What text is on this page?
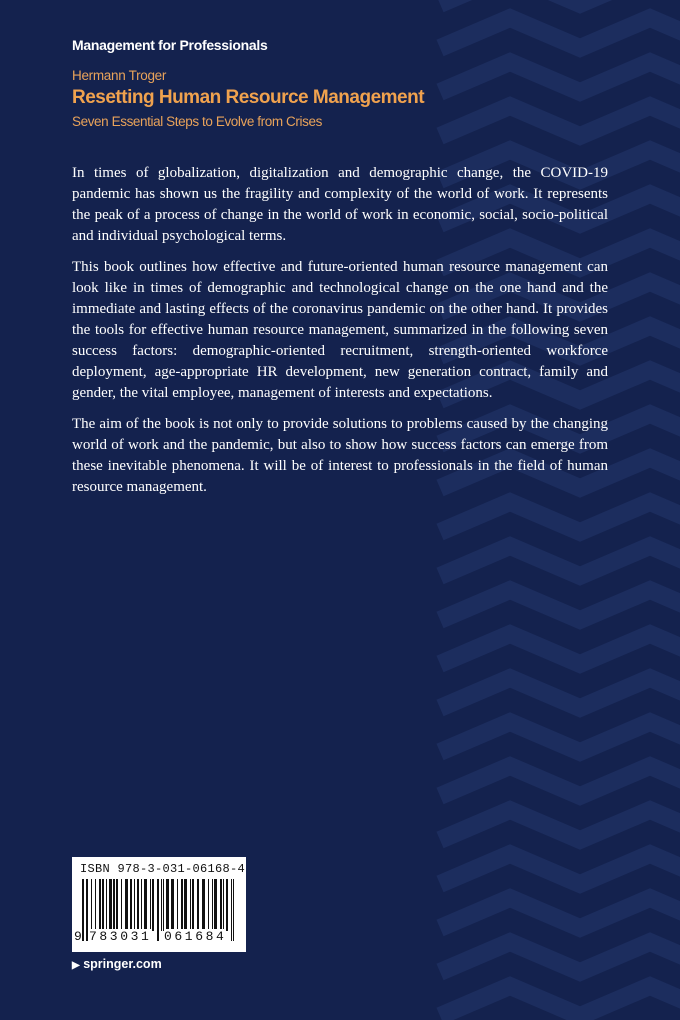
Management for Professionals
Hermann Troger
Resetting Human Resource Management
Seven Essential Steps to Evolve from Crises

In times of globalization, digitalization and demographic change, the COVID-19 pandemic has shown us the fragility and complexity of the world of work. It represents the peak of a process of change in the world of work in economic, social, socio-political and individual psychological terms.

This book outlines how effective and future-oriented human resource management can look like in times of demographic and technological change on the one hand and the immediate and lasting effects of the coronavirus pandemic on the other hand. It provides the tools for effective human resource management, summarized in the following seven success factors: demographic-oriented recruitment, strength-oriented workforce deployment, age-appropriate HR development, new generation contract, family and gender, the vital employee, management of interests and expectations.

The aim of the book is not only to provide solutions to problems caused by the changing world of work and the pandemic, but also to show how success factors can emerge from these inevitable phenomena. It will be of interest to professionals in the field of human resource management.

ISBN 978-3-031-06168-4
9 783031 061684
▶ springer.com
